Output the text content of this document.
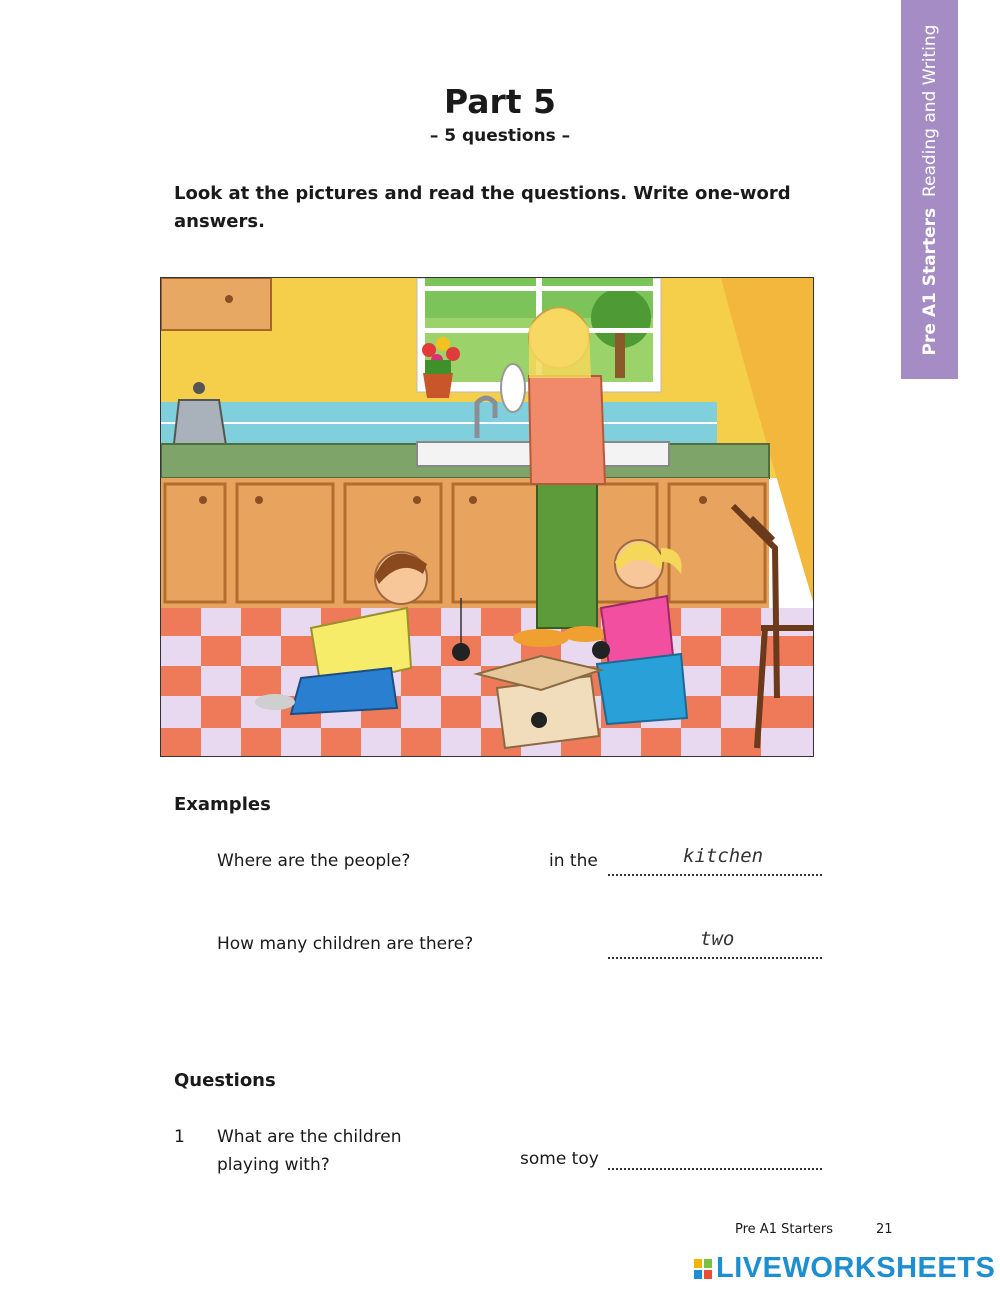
Pre A1 Starters  Reading and Writing
Part 5
– 5 questions –
Look at the pictures and read the questions. Write one-word answers.
Examples
Where are the people?	in the	kitchen
How many children are there?	two
Questions
1 What are the children
playing with?	some toy
Pre A1 Starters	21
LIVEWORKSHEETS
